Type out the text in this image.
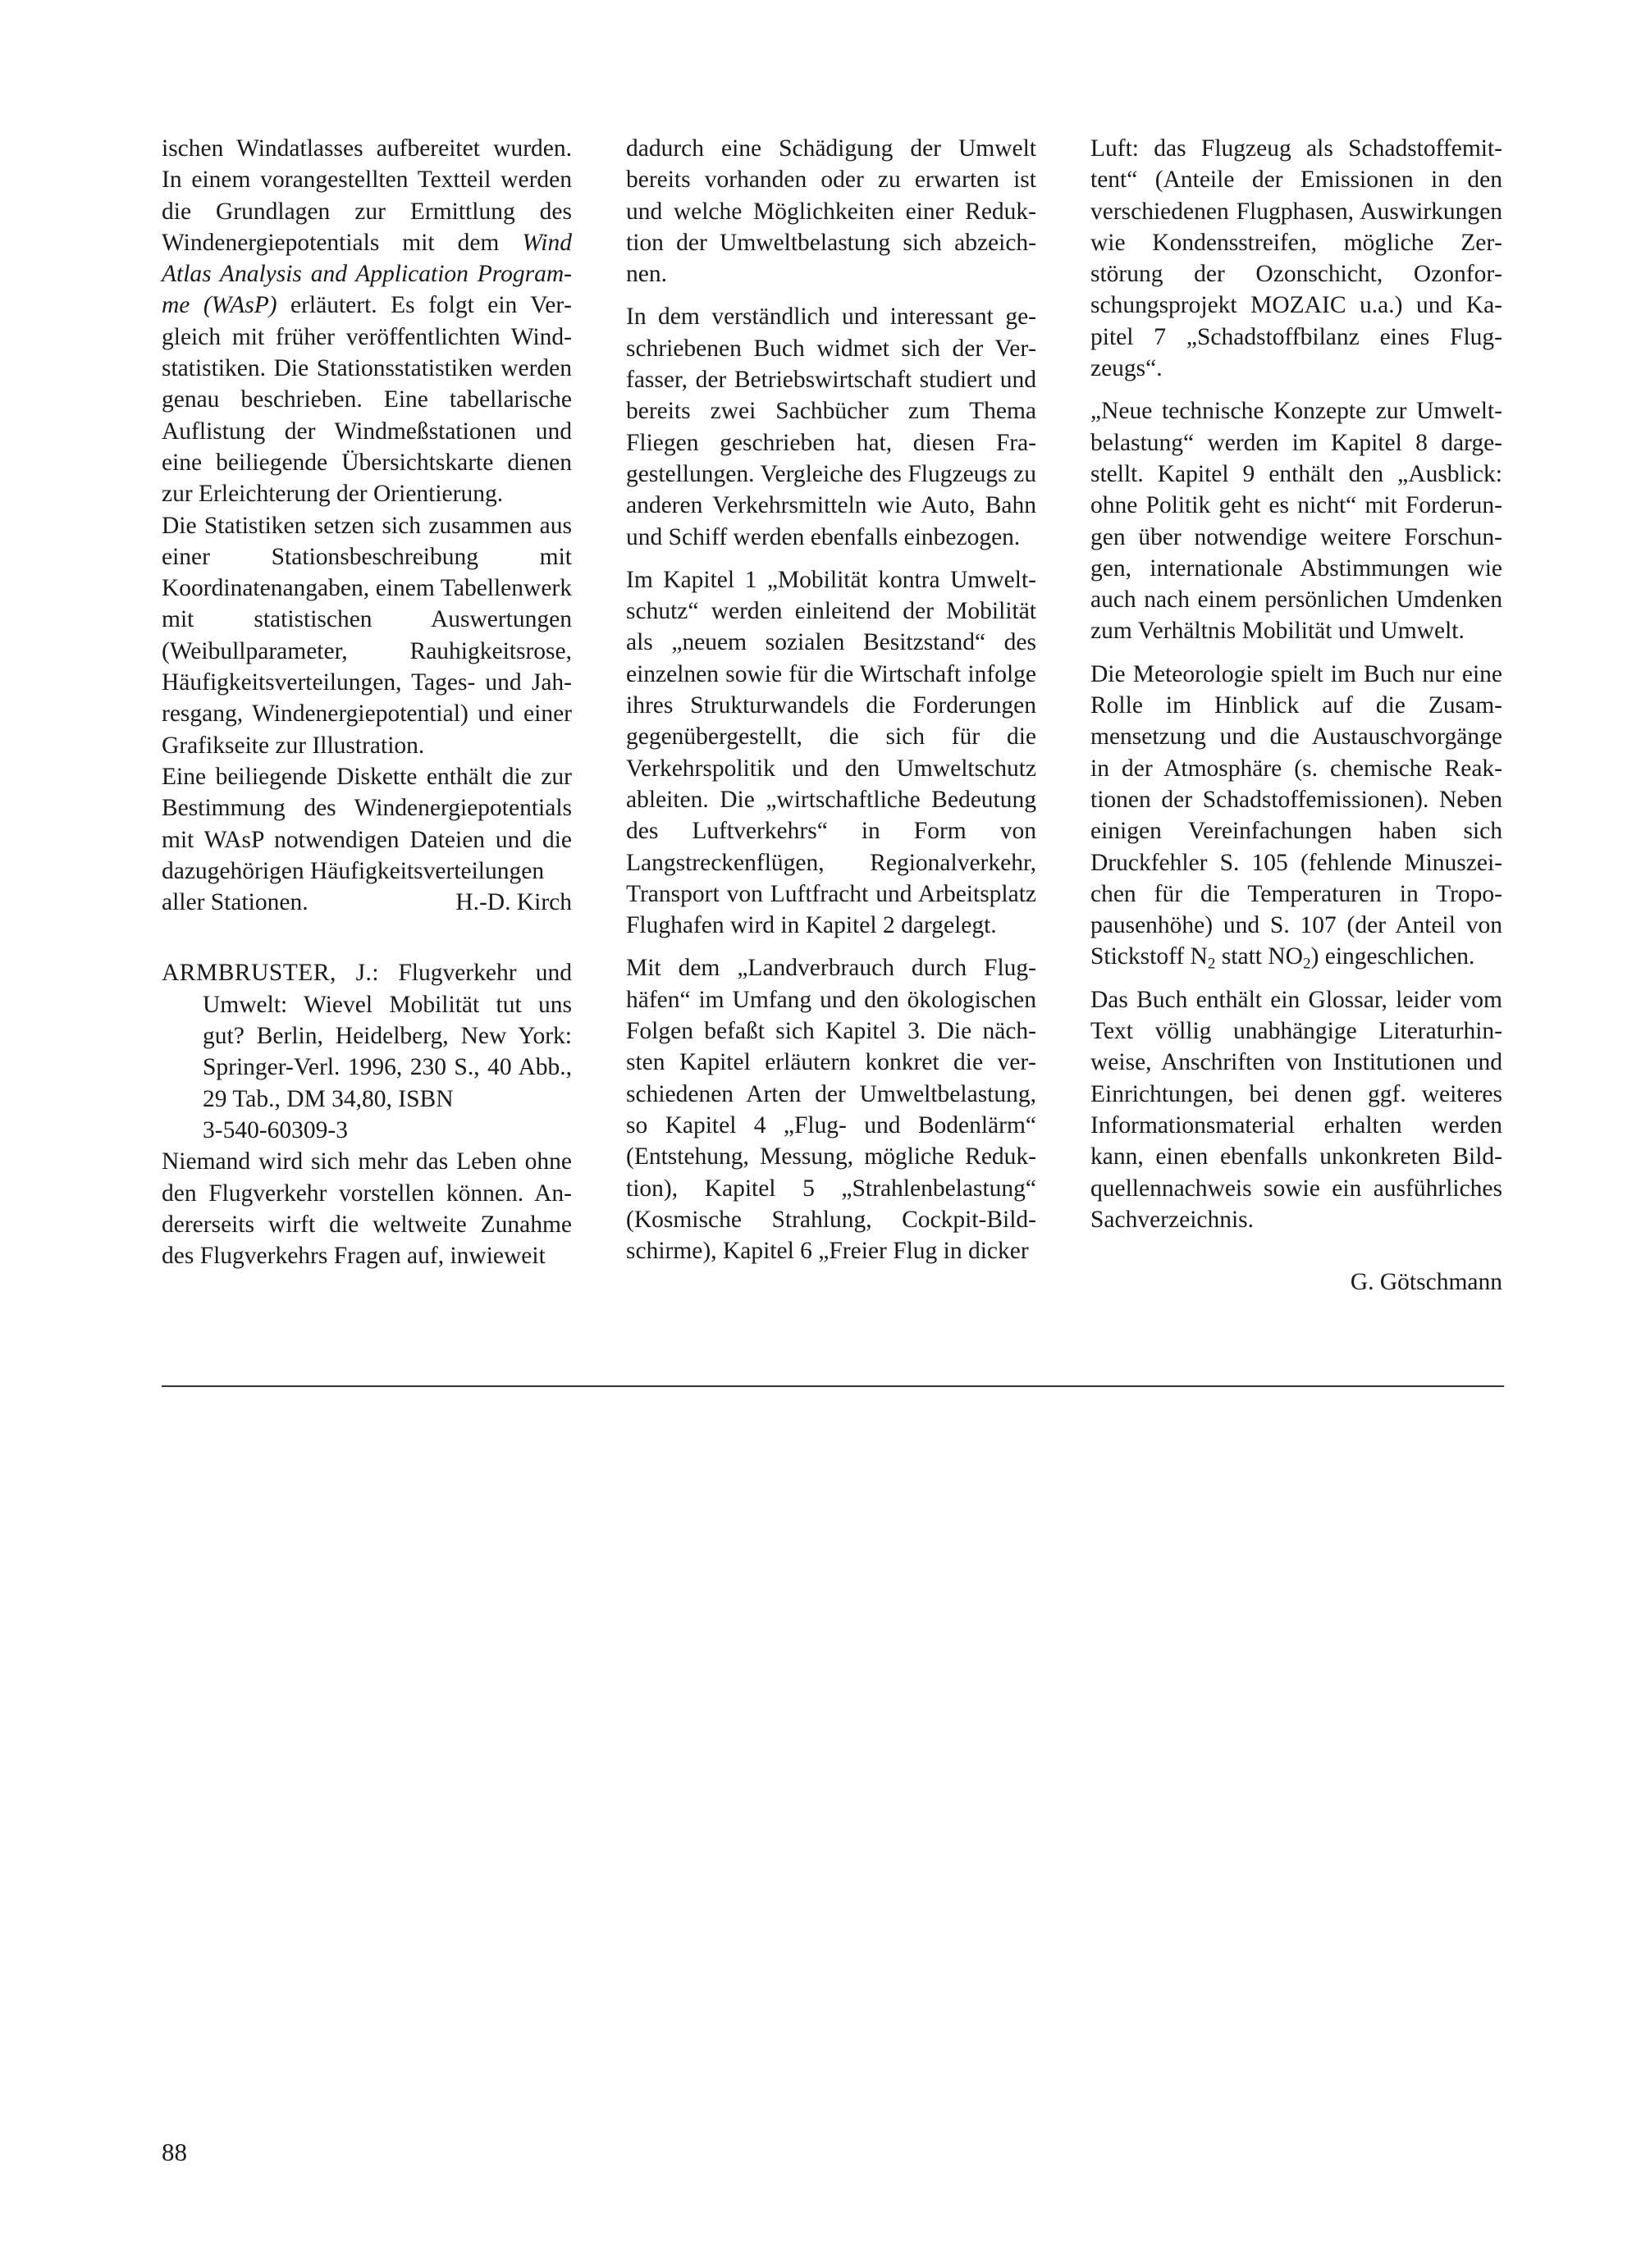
ischen Windatlasses aufbereitet wurden. In einem vorangestellten Textteil werden die Grundlagen zur Ermittlung des Windenergiepotentials mit dem Wind Atlas Analysis and Application Programme (WAsP) erläutert. Es folgt ein Vergleich mit früher veröffentlichten Windstatistiken. Die Stationsstatistiken werden genau beschrieben. Eine tabellarische Auflistung der Windmeßstationen und eine beiliegende Übersichtskarte dienen zur Erleichterung der Orientierung.

Die Statistiken setzen sich zusammen aus einer Stationsbeschreibung mit Koordinatenangaben, einem Tabellenwerk mit statistischen Auswertungen (Weibullparameter, Rauhigkeitsrose, Häufigkeitsverteilungen, Tages- und Jahresgang, Windenergiepotential) und einer Grafikseite zur Illustration.

Eine beiliegende Diskette enthält die zur Bestimmung des Windenergiepotentials mit WAsP notwendigen Dateien und die dazugehörigen Häufigkeitsverteilungen

aller Stationen.	H.-D. Kirch

ARMBRUSTER, J.: Flugverkehr und Umwelt: Wievel Mobilität tut uns gut? Berlin, Heidelberg, New York: Springer-Verl. 1996, 230 S., 40 Abb., 29 Tab., DM 34,80, ISBN
3-540-60309-3

Niemand wird sich mehr das Leben ohne den Flugverkehr vorstellen können. Andererseits wirft die weltweite Zunahme des Flugverkehrs Fragen auf, inwieweit

dadurch eine Schädigung der Umwelt bereits vorhanden oder zu erwarten ist und welche Möglichkeiten einer Reduktion der Umweltbelastung sich abzeichnen.

In dem verständlich und interessant geschriebenen Buch widmet sich der Verfasser, der Betriebswirtschaft studiert und bereits zwei Sachbücher zum Thema Fliegen geschrieben hat, diesen Fragestellungen. Vergleiche des Flugzeugs zu anderen Verkehrsmitteln wie Auto, Bahn und Schiff werden ebenfalls einbezogen.

Im Kapitel 1 „Mobilität kontra Umweltschutz“ werden einleitend der Mobilität als „neuem sozialen Besitzstand“ des einzelnen sowie für die Wirtschaft infolge ihres Strukturwandels die Forderungen gegenübergestellt, die sich für die Verkehrspolitik und den Umweltschutz ableiten. Die „wirtschaftliche Bedeutung des Luftverkehrs“ in Form von Langstreckenflügen, Regionalverkehr, Transport von Luftfracht und Arbeitsplatz Flughafen wird in Kapitel 2 dargelegt.

Mit dem „Landverbrauch durch Flughäfen“ im Umfang und den ökologischen Folgen befaßt sich Kapitel 3. Die nächsten Kapitel erläutern konkret die verschiedenen Arten der Umweltbelastung, so Kapitel 4 „Flug- und Bodenlärm“ (Entstehung, Messung, mögliche Reduktion), Kapitel 5 „Strahlenbelastung“ (Kosmische Strahlung, Cockpit-Bildschirme), Kapitel 6 „Freier Flug in dicker

Luft: das Flugzeug als Schadstoffemittent“ (Anteile der Emissionen in den verschiedenen Flugphasen, Auswirkungen wie Kondensstreifen, mögliche Zerstörung der Ozonschicht, Ozonforschungsprojekt MOZAIC u.a.) und Kapitel 7 „Schadstoffbilanz eines Flugzeugs“.

„Neue technische Konzepte zur Umweltbelastung“ werden im Kapitel 8 dargestellt. Kapitel 9 enthält den „Ausblick: ohne Politik geht es nicht“ mit Forderungen über notwendige weitere Forschungen, internationale Abstimmungen wie auch nach einem persönlichen Umdenken zum Verhältnis Mobilität und Umwelt.

Die Meteorologie spielt im Buch nur eine Rolle im Hinblick auf die Zusammensetzung und die Austauschvorgänge in der Atmosphäre (s. chemische Reaktionen der Schadstoffemissionen). Neben einigen Vereinfachungen haben sich Druckfehler S. 105 (fehlende Minuszeichen für die Temperaturen in Tropopausenhöhe) und S. 107 (der Anteil von Stickstoff $N_2$ statt $NO_2$) eingeschlichen.

Das Buch enthält ein Glossar, leider vom Text völlig unabhängige Literaturhinweise, Anschriften von Institutionen und Einrichtungen, bei denen ggf. weiteres Informationsmaterial erhalten werden kann, einen ebenfalls unkonkreten Bildquellennachweis sowie ein ausführliches Sachverzeichnis.

G. Götschmann

88
